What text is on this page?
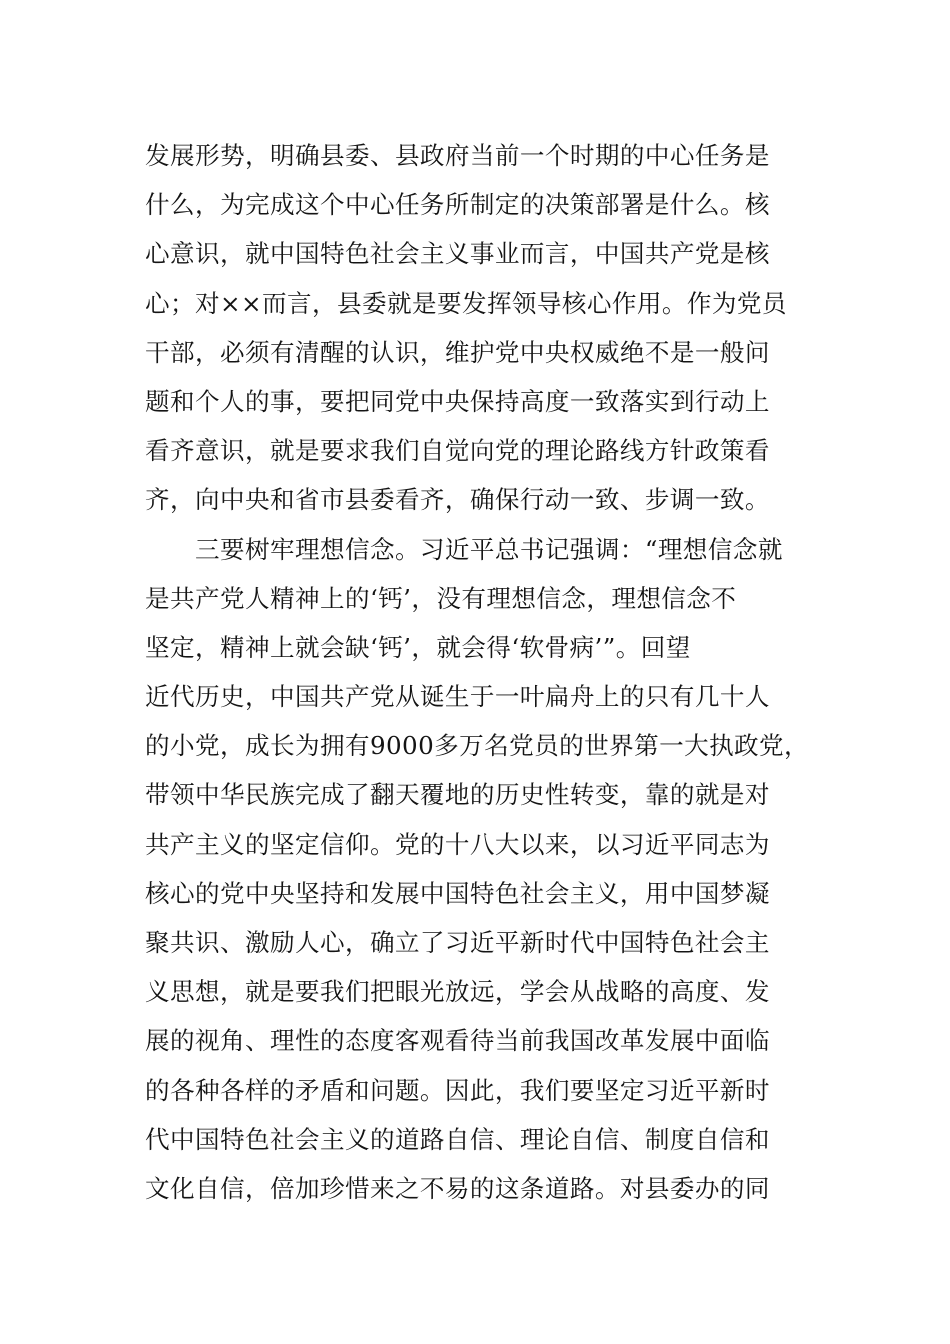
发展形势，明确县委、县政府当前一个时期的中心任务是
什么，为完成这个中心任务所制定的决策部署是什么。核
心意识，就中国特色社会主义事业而言，中国共产党是核
心；对××而言，县委就是要发挥领导核心作用。作为党员
干部，必须有清醒的认识，维护党中央权威绝不是一般问
题和个人的事，要把同党中央保持高度一致落实到行动上
看齐意识，就是要求我们自觉向党的理论路线方针政策看
齐，向中央和省市县委看齐，确保行动一致、步调一致。
　　三要树牢理想信念。习近平总书记强调：“理想信念就
是共产党人精神上的‘钙’，没有理想信念，理想信念不
坚定，精神上就会缺‘钙’，就会得‘软骨病’”。回望
近代历史，中国共产党从诞生于一叶扁舟上的只有几十人
的小党，成长为拥有9000多万名党员的世界第一大执政党，
带领中华民族完成了翻天覆地的历史性转变，靠的就是对
共产主义的坚定信仰。党的十八大以来，以习近平同志为
核心的党中央坚持和发展中国特色社会主义，用中国梦凝
聚共识、激励人心，确立了习近平新时代中国特色社会主
义思想，就是要我们把眼光放远，学会从战略的高度、发
展的视角、理性的态度客观看待当前我国改革发展中面临
的各种各样的矛盾和问题。因此，我们要坚定习近平新时
代中国特色社会主义的道路自信、理论自信、制度自信和
文化自信，倍加珍惜来之不易的这条道路。对县委办的同
